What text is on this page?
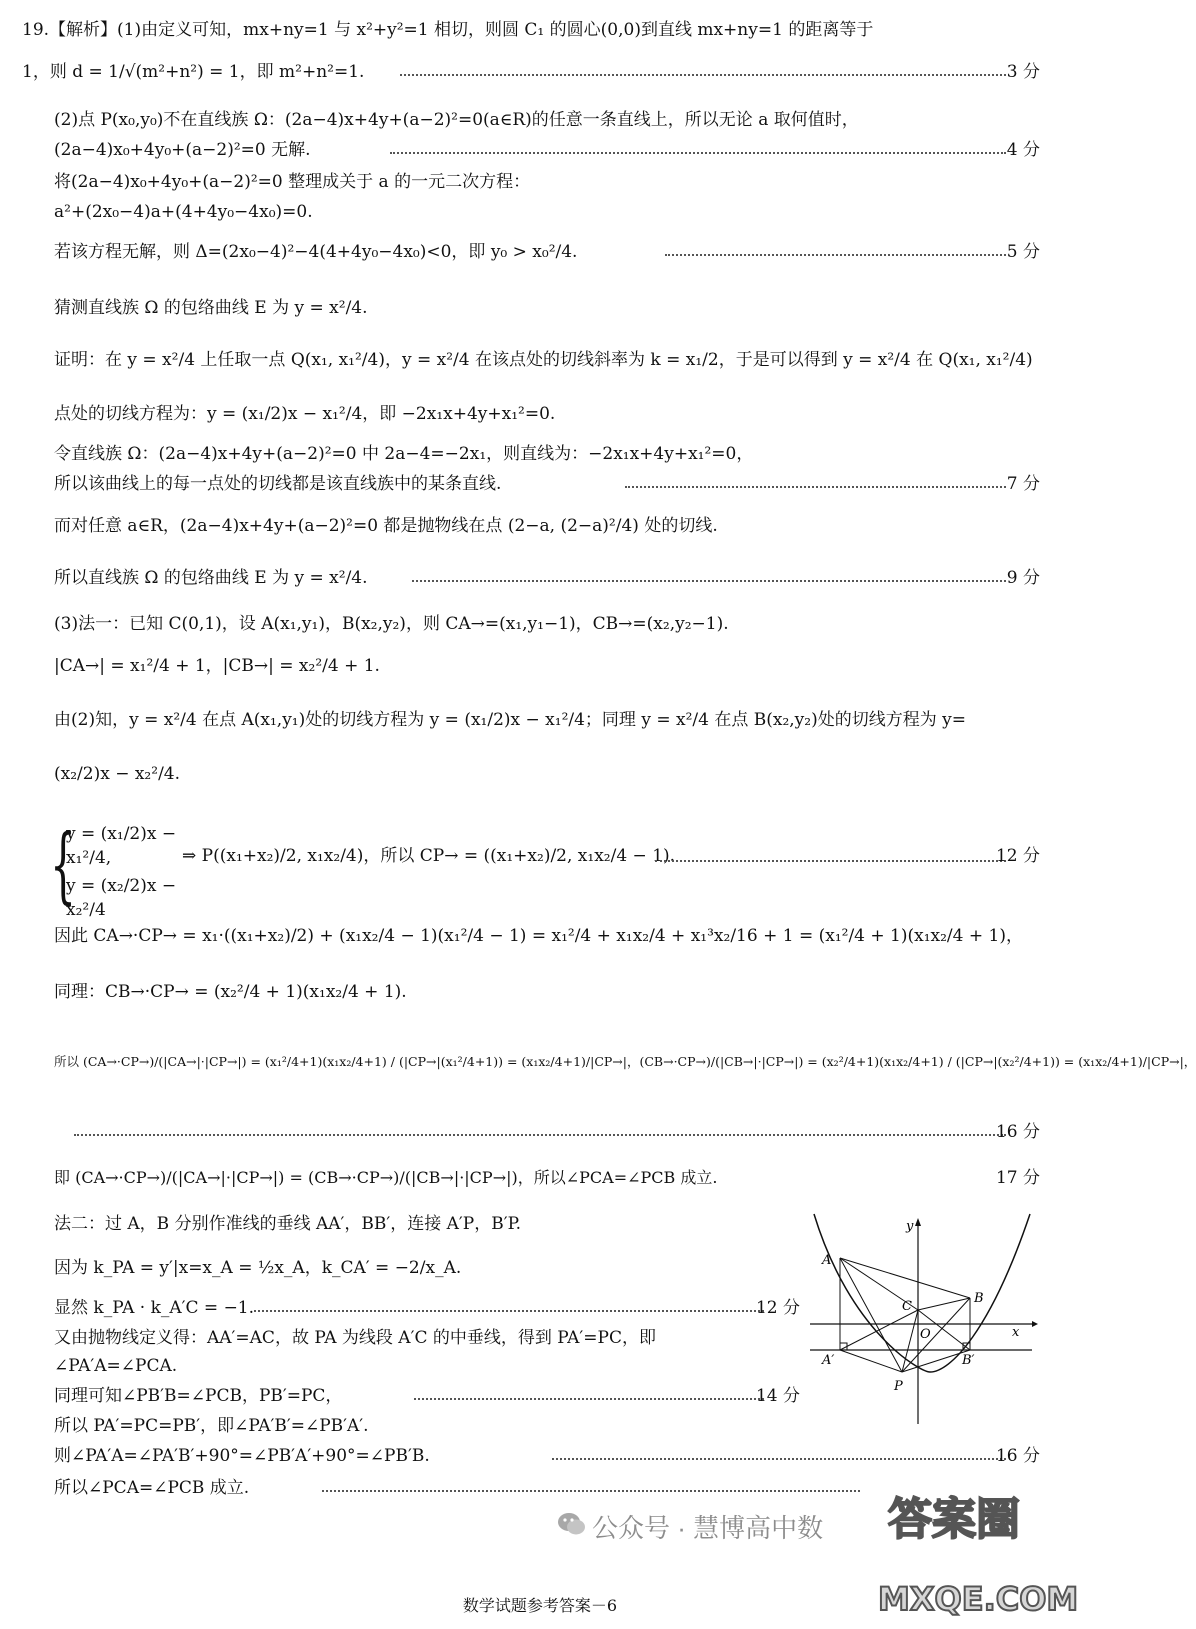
19.【解析】(1)由定义可知，mx+ny=1 与 x²+y²=1 相切，则圆 C₁ 的圆心(0,0)到直线 mx+ny=1 的距离等于
1，则 d = 1/√(m²+n²) = 1，即 m²+n²=1.	3 分
(2)点 P(x₀,y₀)不在直线族 Ω：(2a−4)x+4y+(a−2)²=0(a∈R)的任意一条直线上，所以无论 a 取何值时，
(2a−4)x₀+4y₀+(a−2)²=0 无解.	4 分
将(2a−4)x₀+4y₀+(a−2)²=0 整理成关于 a 的一元二次方程：
a²+(2x₀−4)a+(4+4y₀−4x₀)=0.
若该方程无解，则 Δ=(2x₀−4)²−4(4+4y₀−4x₀)<0，即 y₀ > x₀²/4.	5 分
猜测直线族 Ω 的包络曲线 E 为 y = x²/4.
证明：在 y = x²/4 上任取一点 Q(x₁, x₁²/4)，y = x²/4 在该点处的切线斜率为 k = x₁/2，于是可以得到 y = x²/4 在 Q(x₁, x₁²/4)
点处的切线方程为：y = (x₁/2)x − x₁²/4，即 −2x₁x+4y+x₁²=0.
令直线族 Ω：(2a−4)x+4y+(a−2)²=0 中 2a−4=−2x₁，则直线为：−2x₁x+4y+x₁²=0，
所以该曲线上的每一点处的切线都是该直线族中的某条直线.	7 分
而对任意 a∈R，(2a−4)x+4y+(a−2)²=0 都是抛物线在点 (2−a, (2−a)²/4) 处的切线.
所以直线族 Ω 的包络曲线 E 为 y = x²/4.	9 分
(3)法一：已知 C(0,1)，设 A(x₁,y₁)，B(x₂,y₂)，则 CA→=(x₁,y₁−1)，CB→=(x₂,y₂−1).
|CA→| = x₁²/4 + 1，|CB→| = x₂²/4 + 1.
由(2)知，y = x²/4 在点 A(x₁,y₁)处的切线方程为 y = (x₁/2)x − x₁²/4；同理 y = x²/4 在点 B(x₂,y₂)处的切线方程为 y=
(x₂/2)x − x₂²/4.
{
y = (x₁/2)x − x₁²/4,
y = (x₂/2)x − x₂²/4
⇒ P((x₁+x₂)/2, x₁x₂/4)，所以 CP→ = ((x₁+x₂)/2, x₁x₂/4 − 1).	12 分
因此 CA→·CP→ = x₁·((x₁+x₂)/2) + (x₁x₂/4 − 1)(x₁²/4 − 1) = x₁²/4 + x₁x₂/4 + x₁³x₂/16 + 1 = (x₁²/4 + 1)(x₁x₂/4 + 1)，
同理：CB→·CP→ = (x₂²/4 + 1)(x₁x₂/4 + 1).
所以 (CA→·CP→)/(|CA→|·|CP→|) = (x₁²/4+1)(x₁x₂/4+1) / (|CP→|(x₁²/4+1)) = (x₁x₂/4+1)/|CP→|，(CB→·CP→)/(|CB→|·|CP→|) = (x₂²/4+1)(x₁x₂/4+1) / (|CP→|(x₂²/4+1)) = (x₁x₂/4+1)/|CP→|，
16 分
即 (CA→·CP→)/(|CA→|·|CP→|) = (CB→·CP→)/(|CB→|·|CP→|)，所以∠PCA=∠PCB 成立.	17 分
法二：过 A，B 分别作准线的垂线 AA′，BB′，连接 A′P，B′P.
因为 k_PA = y′|x=x_A = ½x_A，k_CA′ = −2/x_A.
显然 k_PA · k_A′C = −1.	12 分
又由抛物线定义得：AA′=AC，故 PA 为线段 A′C 的中垂线，得到 PA′=PC，即
∠PA′A=∠PCA.
同理可知∠PB′B=∠PCB，PB′=PC，	14 分
所以 PA′=PC=PB′，即∠PA′B′=∠PB′A′.
则∠PA′A=∠PA′B′+90°=∠PB′A′+90°=∠PB′B.	16 分
所以∠PCA=∠PCB 成立.
y
x
A
B
C
O
A′	B′
P
公众号 · 慧博高中数 答案圈
MXQE.COM
数学试题参考答案－6
